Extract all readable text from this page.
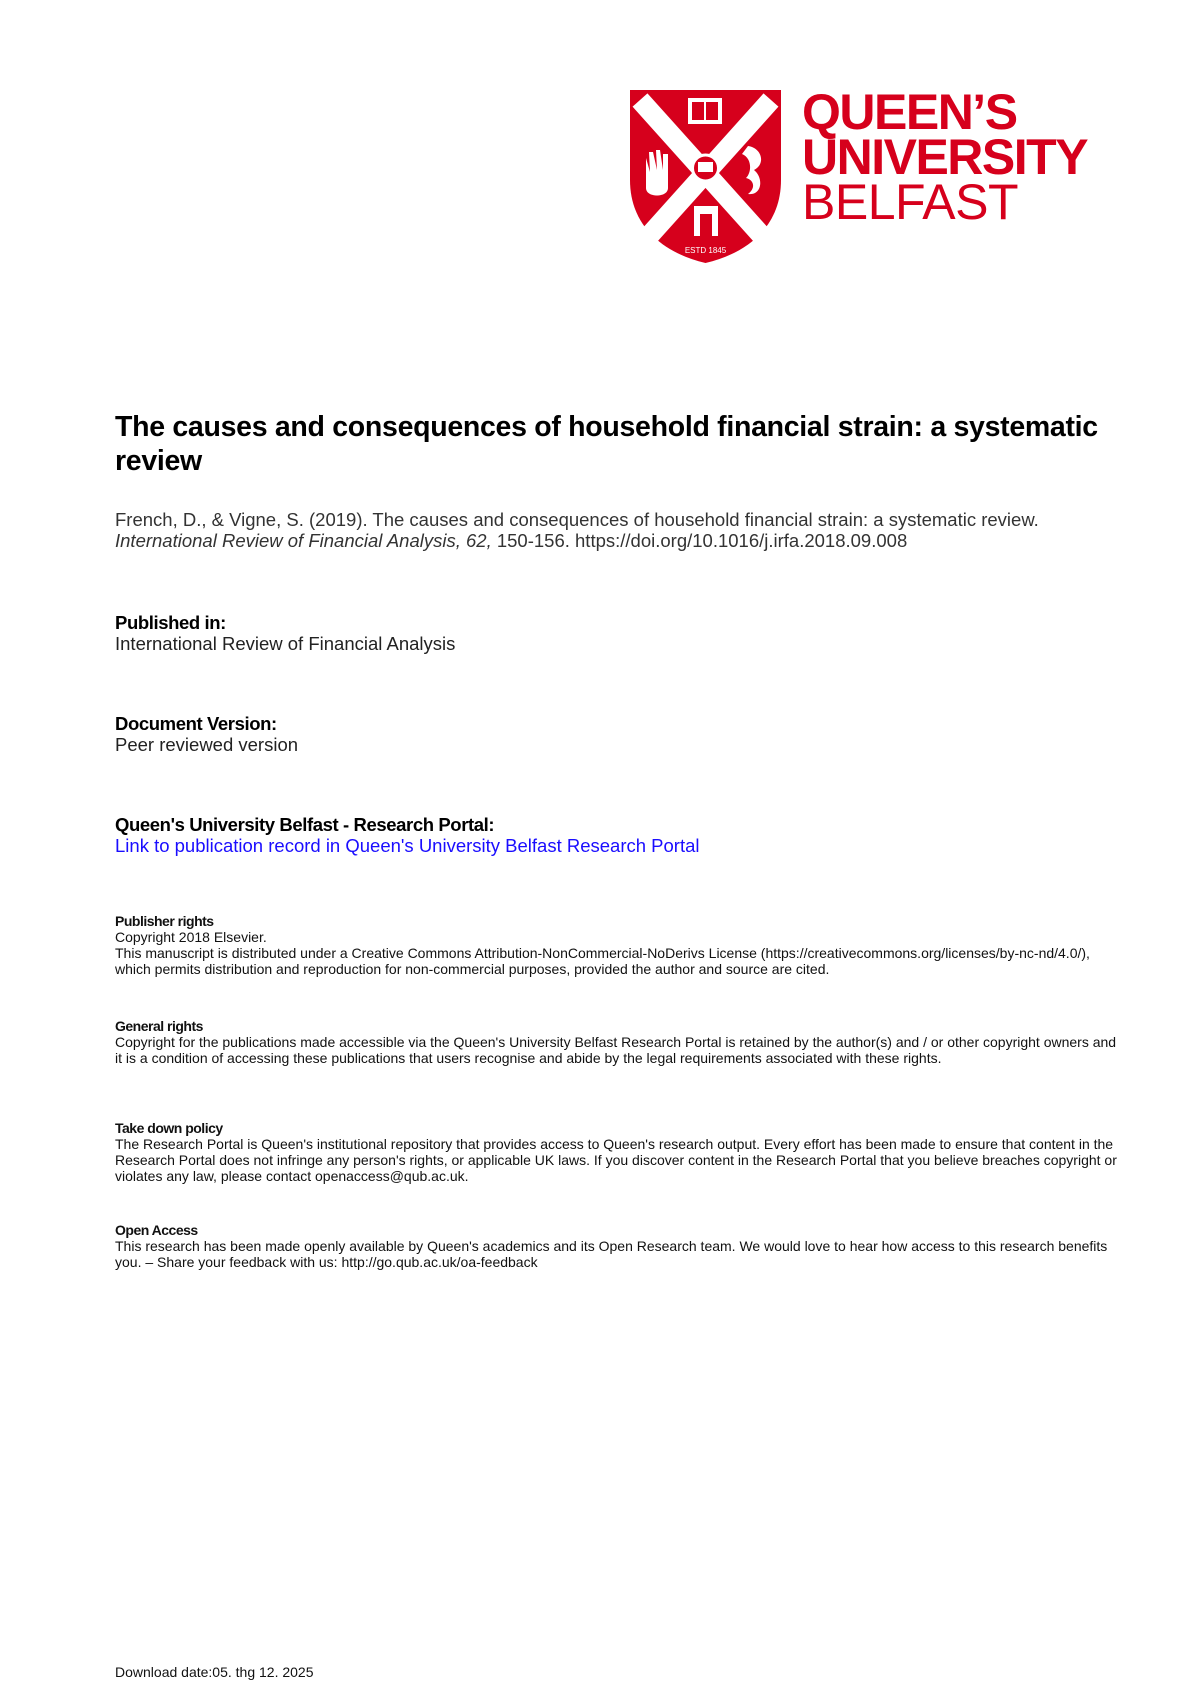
ESTD 1845
QUEEN’S
UNIVERSITY
BELFAST
The causes and consequences of household financial strain: a systematic review
French, D., & Vigne, S. (2019). The causes and consequences of household financial strain: a systematic review. International Review of Financial Analysis, 62, 150-156. https://doi.org/10.1016/j.irfa.2018.09.008
Published in:
International Review of Financial Analysis
Document Version:
Peer reviewed version
Queen's University Belfast - Research Portal:
Link to publication record in Queen's University Belfast Research Portal
Publisher rights
Copyright 2018 Elsevier.
This manuscript is distributed under a Creative Commons Attribution-NonCommercial-NoDerivs License (https://creativecommons.org/licenses/by-nc-nd/4.0/), which permits distribution and reproduction for non-commercial purposes, provided the author and source are cited.
General rights
Copyright for the publications made accessible via the Queen's University Belfast Research Portal is retained by the author(s) and / or other copyright owners and it is a condition of accessing these publications that users recognise and abide by the legal requirements associated with these rights.
Take down policy
The Research Portal is Queen's institutional repository that provides access to Queen's research output. Every effort has been made to ensure that content in the Research Portal does not infringe any person's rights, or applicable UK laws. If you discover content in the Research Portal that you believe breaches copyright or violates any law, please contact openaccess@qub.ac.uk.
Open Access
This research has been made openly available by Queen's academics and its Open Research team. We would love to hear how access to this research benefits you. – Share your feedback with us: http://go.qub.ac.uk/oa-feedback
Download date:05. thg 12. 2025
